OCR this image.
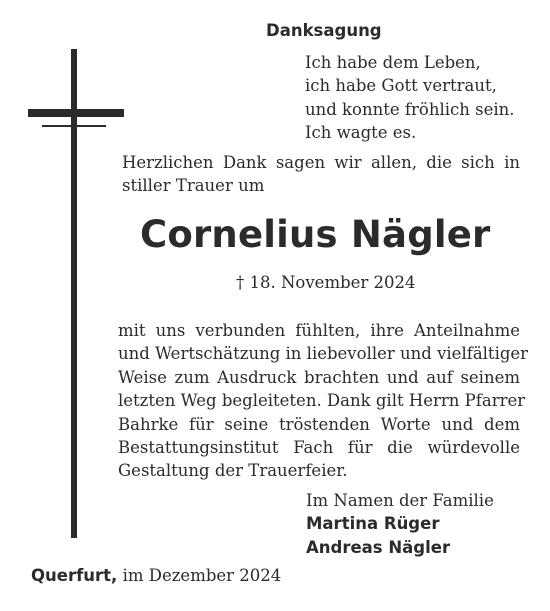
Danksagung
Ich habe dem Leben,
ich habe Gott vertraut,
und konnte fröhlich sein.
Ich wagte es.
Herzlichen Dank sagen wir allen, die sich in
stiller Trauer um
Cornelius Nägler
† 18. November 2024
mit uns verbunden fühlten, ihre Anteilnahme
und Wertschätzung in liebevoller und vielfältiger
Weise zum Ausdruck brachten und auf seinem
letzten Weg begleiteten. Dank gilt Herrn Pfarrer
Bahrke für seine tröstenden Worte und dem
Bestattungsinstitut Fach für die würdevolle
Gestaltung der Trauerfeier.
Im Namen der Familie
Martina Rüger
Andreas Nägler
Querfurt, im Dezember 2024
